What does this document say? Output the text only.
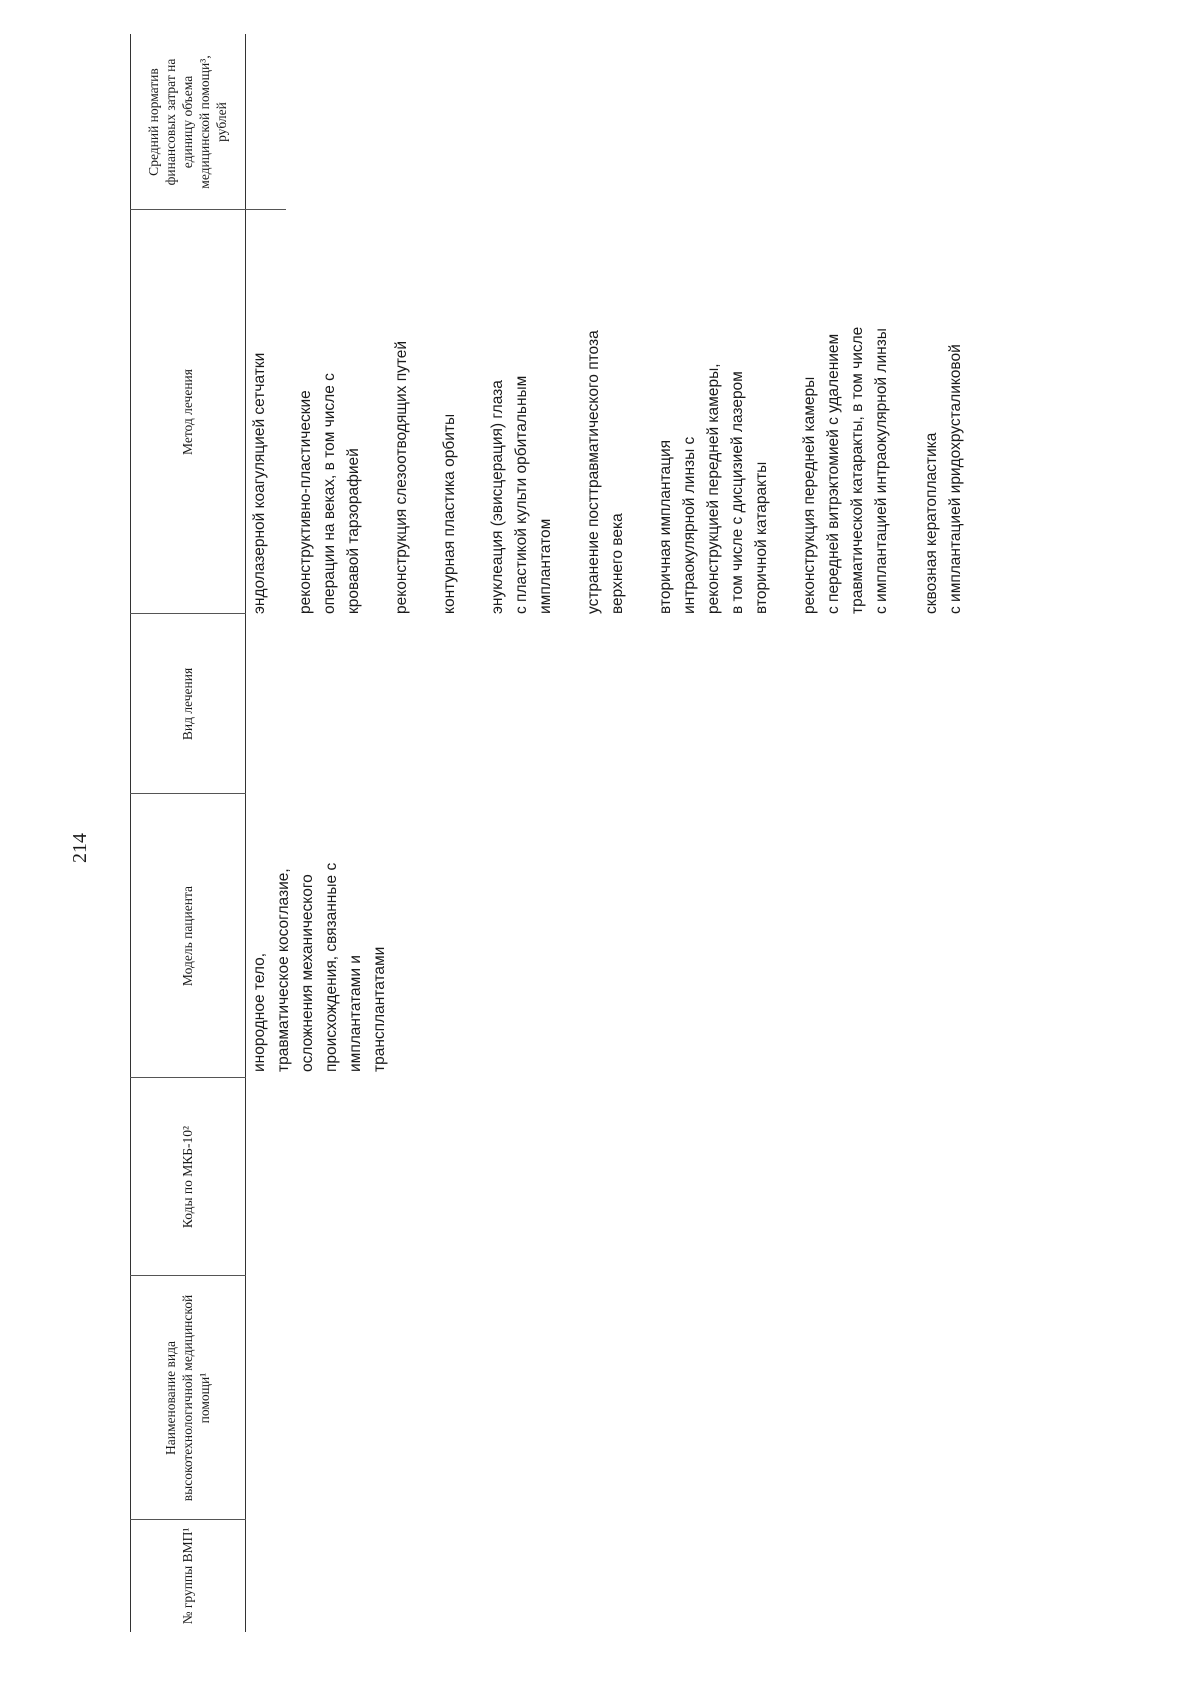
214
№ группы ВМП¹
Наименование вида высокотехнологичной медицинской помощи¹
Коды по МКБ-10²
Модель пациента
Вид лечения
Метод лечения
Средний норматив финансовых затрат на единицу объема медицинской помощи³, рублей
инородное тело,
травматическое косоглазие,
осложнения механического
происхождения, связанные с
имплантатами и
трансплантатами
эндолазерной коагуляцией сетчатки реконструктивно-пластические
операции на веках, в том числе с
кровавой тарзорафией реконструкция слезоотводящих путей контурная пластика орбиты энуклеация (эвисцерация) глаза
с пластикой культи орбитальным
имплантатом устранение посттравматического птоза
верхнего века
вторичная имплантация
интраокулярной линзы с
реконструкцией передней камеры,
в том числе с дисцизией лазером
вторичной катаракты
реконструкция передней камеры
с передней витрэктомией с удалением
травматической катаракты, в том числе
с имплантацией интраокулярной линзы
сквозная кератопластика
с имплантацией иридохрусталиковой
